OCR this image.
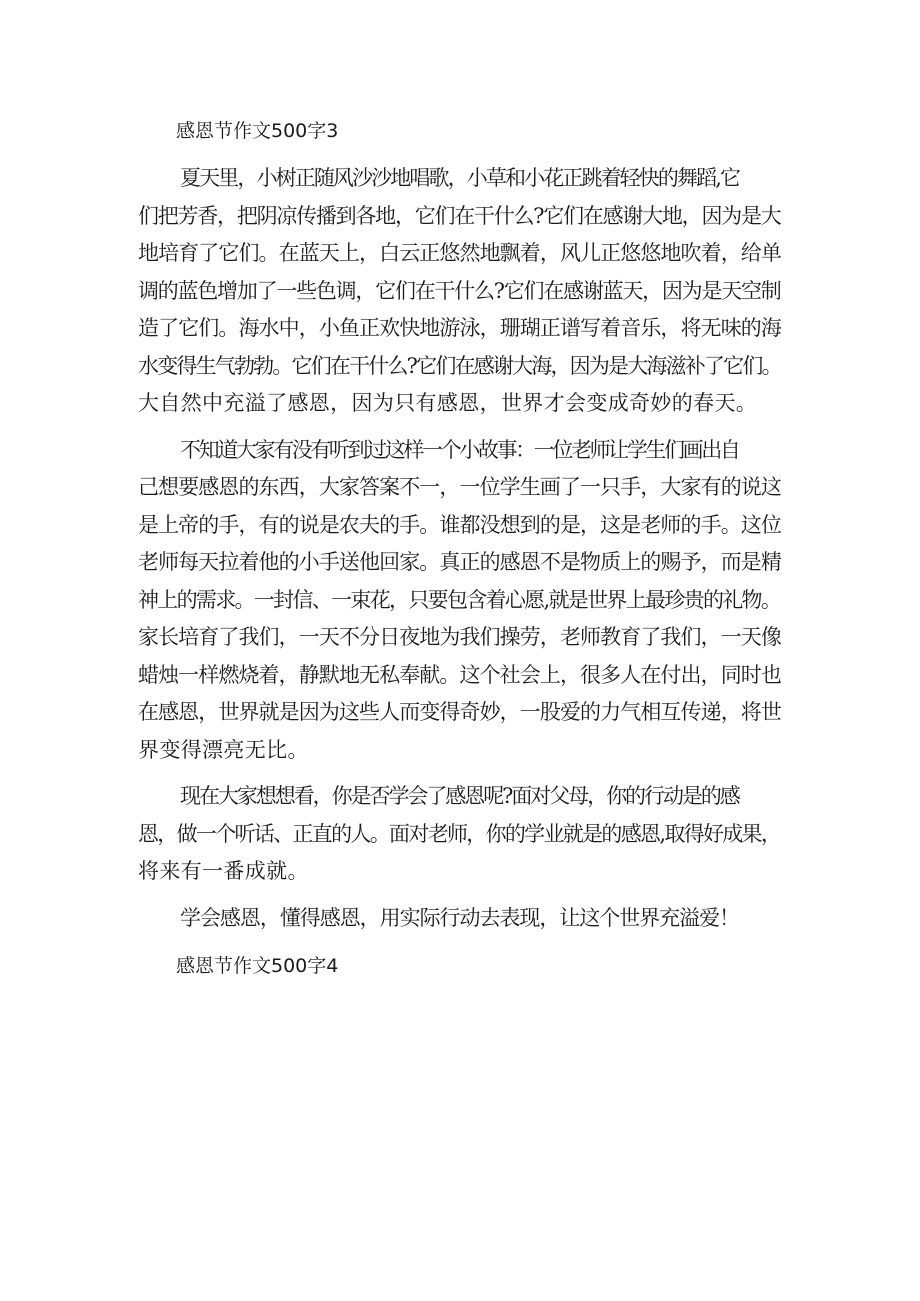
感恩节作文500字3

夏天里，小树正随风沙沙地唱歌，小草和小花正跳着轻快的舞蹈,它
们把芳香，把阴凉传播到各地，它们在干什么?它们在感谢大地，因为是大
地培育了它们。在蓝天上，白云正悠然地飘着，风儿正悠悠地吹着，给单
调的蓝色增加了一些色调，它们在干什么?它们在感谢蓝天，因为是天空制
造了它们。海水中，小鱼正欢快地游泳，珊瑚正谱写着音乐，将无味的海
水变得生气勃勃。它们在干什么?它们在感谢大海，因为是大海滋补了它们。
大自然中充溢了感恩，因为只有感恩，世界才会变成奇妙的春天。

不知道大家有没有听到过这样一个小故事：一位老师让学生们画出自
己想要感恩的东西，大家答案不一，一位学生画了一只手，大家有的说这
是上帝的手，有的说是农夫的手。谁都没想到的是，这是老师的手。这位
老师每天拉着他的小手送他回家。真正的感恩不是物质上的赐予，而是精
神上的需求。一封信、一束花，只要包含着心愿,就是世界上最珍贵的礼物。
家长培育了我们，一天不分日夜地为我们操劳，老师教育了我们，一天像
蜡烛一样燃烧着，静默地无私奉献。这个社会上，很多人在付出，同时也
在感恩，世界就是因为这些人而变得奇妙，一股爱的力气相互传递，将世
界变得漂亮无比。

现在大家想想看，你是否学会了感恩呢?面对父母，你的行动是的感
恩，做一个听话、正直的人。面对老师，你的学业就是的感恩,取得好成果，
将来有一番成就。

学会感恩，懂得感恩，用实际行动去表现，让这个世界充溢爱！

感恩节作文500字4
